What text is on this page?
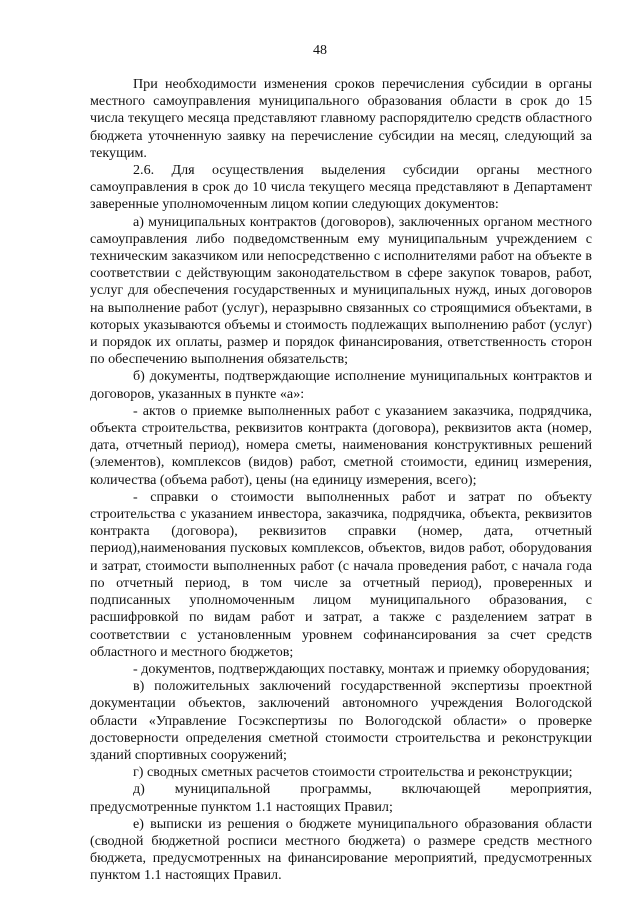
48

При необходимости изменения сроков перечисления субсидии в органы местного самоуправления муниципального образования области в срок до 15 числа текущего месяца представляют главному распорядителю средств областного бюджета уточненную заявку на перечисление субсидии на месяц, следующий за текущим.

2.6. Для осуществления выделения субсидии органы местного самоуправления в срок до 10 числа текущего месяца представляют в Департамент заверенные уполномоченным лицом копии следующих документов:

а) муниципальных контрактов (договоров), заключенных органом местного самоуправления либо подведомственным ему муниципальным учреждением с техническим заказчиком или непосредственно с исполнителями работ на объекте в соответствии с действующим законодательством в сфере закупок товаров, работ, услуг для обеспечения государственных и муниципальных нужд, иных договоров на выполнение работ (услуг), неразрывно связанных со строящимися объектами, в которых указываются объемы и стоимость подлежащих выполнению работ (услуг) и порядок их оплаты, размер и порядок финансирования, ответственность сторон по обеспечению выполнения обязательств;

б) документы, подтверждающие исполнение муниципальных контрактов и договоров, указанных в пункте «а»:

- актов о приемке выполненных работ с указанием заказчика, подрядчика, объекта строительства, реквизитов контракта (договора), реквизитов акта (номер, дата, отчетный период), номера сметы, наименования конструктивных решений (элементов), комплексов (видов) работ, сметной стоимости, единиц измерения, количества (объема работ), цены (на единицу измерения, всего);

- справки о стоимости выполненных работ и затрат по объекту строительства с указанием инвестора, заказчика, подрядчика, объекта, реквизитов контракта (договора), реквизитов справки (номер, дата, отчетный период),наименования пусковых комплексов, объектов, видов работ, оборудования и затрат, стоимости выполненных работ (с начала проведения работ, с начала года по отчетный период, в том числе за отчетный период), проверенных и подписанных уполномоченным лицом муниципального образования, с расшифровкой по видам работ и затрат, а также с разделением затрат в соответствии с установленным уровнем софинансирования за счет средств областного и местного бюджетов;

- документов, подтверждающих поставку, монтаж и приемку оборудования;

в) положительных заключений государственной экспертизы проектной документации объектов, заключений автономного учреждения Вологодской области «Управление Госэкспертизы по Вологодской области» о проверке достоверности определения сметной стоимости строительства и реконструкции зданий спортивных сооружений;

г) сводных сметных расчетов стоимости строительства и реконструкции;

д) муниципальной программы, включающей мероприятия, предусмотренные пунктом 1.1 настоящих Правил;

е) выписки из решения о бюджете муниципального образования области (сводной бюджетной росписи местного бюджета) о размере средств местного бюджета, предусмотренных на финансирование мероприятий, предусмотренных пунктом 1.1 настоящих Правил.
